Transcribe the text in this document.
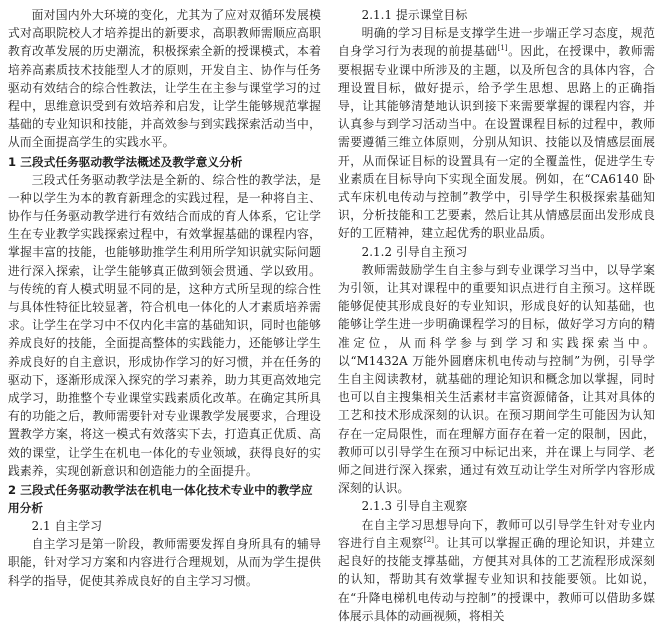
面对国内外大环境的变化，尤其为了应对双循环发展模式对高职院校人才培养提出的新要求，高职教师需顺应高职教育改革发展的历史潮流，积极探索全新的授课模式，本着培养高素质技术技能型人才的原则，开发自主、协作与任务驱动有效结合的综合性教法，让学生在主参与课堂学习的过程中，思维意识受到有效培养和启发，让学生能够规范掌握基础的专业知识和技能，并高效参与到实践探索活动当中，从而全面提高学生的实践水平。

1 三段式任务驱动教学法概述及教学意义分析

三段式任务驱动教学法是全新的、综合性的教学法，是一种以学生为本的教育新理念的实践过程，是一种将自主、协作与任务驱动教学进行有效结合而成的育人体系，它让学生在专业教学实践探索过程中，有效掌握基础的课程内容，掌握丰富的技能，也能够助推学生利用所学知识就实际问题进行深入探索，让学生能够真正做到领会贯通、学以致用。与传统的育人模式明显不同的是，这种方式所呈现的综合性与具体性特征比较显著，符合机电一体化的人才素质培养需求。让学生在学习中不仅内化丰富的基础知识，同时也能够养成良好的技能，全面提高整体的实践能力，还能够让学生养成良好的自主意识，形成协作学习的好习惯，并在任务的驱动下，逐渐形成深入探究的学习素养，助力其更高效地完成学习，助推整个专业课堂实践素质化改革。在确定其所具有的功能之后，教师需要针对专业课教学发展要求，合理设置教学方案，将这一模式有效落实下去，打造真正优质、高效的课堂，让学生在机电一体化的专业领域，获得良好的实践素养，实现创新意识和创造能力的全面提升。

2 三段式任务驱动教学法在机电一体化技术专业中的教学应用分析
2.1 自主学习

自主学习是第一阶段，教师需要发挥自身所具有的辅导职能，针对学习方案和内容进行合理规划，从而为学生提供科学的指导，促使其养成良好的自主学习习惯。

2.1.1 提示课堂目标

明确的学习目标是支撑学生进一步端正学习态度，规范自身学习行为表现的前提基础[1]。因此，在授课中，教师需要根据专业课中所涉及的主题，以及所包含的具体内容，合理设置目标，做好提示，给予学生思想、思路上的正确指导，让其能够清楚地认识到接下来需要掌握的课程内容，并认真参与到学习活动当中。在设置课程目标的过程中，教师需要遵循三维立体原则，分别从知识、技能以及情感层面展开，从而保证目标的设置具有一定的全覆盖性，促进学生专业素质在目标导向下实现全面发展。例如，在“CA6140 卧式车床机电传动与控制”教学中，引导学生积极探索基础知识，分析技能和工艺要素，然后让其从情感层面出发形成良好的工匠精神，建立起优秀的职业品质。

2.1.2 引导自主预习

教师需鼓励学生自主参与到专业课学习当中，以导学案为引领，让其对课程中的重要知识点进行自主预习。这样既能够促使其形成良好的专业知识，形成良好的认知基础，也能够让学生进一步明确课程学习的目标，做好学习方向的精准定位，从而科学参与到学习和实践探索当中。以“M1432A 万能外圆磨床机电传动与控制”为例，引导学生自主阅读教材，就基础的理论知识和概念加以掌握，同时也可以自主搜集相关生活素材丰富资源储备，让其对具体的工艺和技术形成深刻的认识。在预习期间学生可能因为认知存在一定局限性，而在理解方面存在着一定的限制，因此，教师可以引导学生在预习中标记出来，并在课上与同学、老师之间进行深入探索，通过有效互动让学生对所学内容形成深刻的认识。

2.1.3 引导自主观察

在自主学习思想导向下，教师可以引导学生针对专业内容进行自主观察[2]。让其可以掌握正确的理论知识，并建立起良好的技能支撑基础，方便其对具体的工艺流程形成深刻的认知，帮助其有效掌握专业知识和技能要领。比如说，在“升降电梯机电传动与控制”的授课中，教师可以借助多媒体展示具体的动画视频，将相关
